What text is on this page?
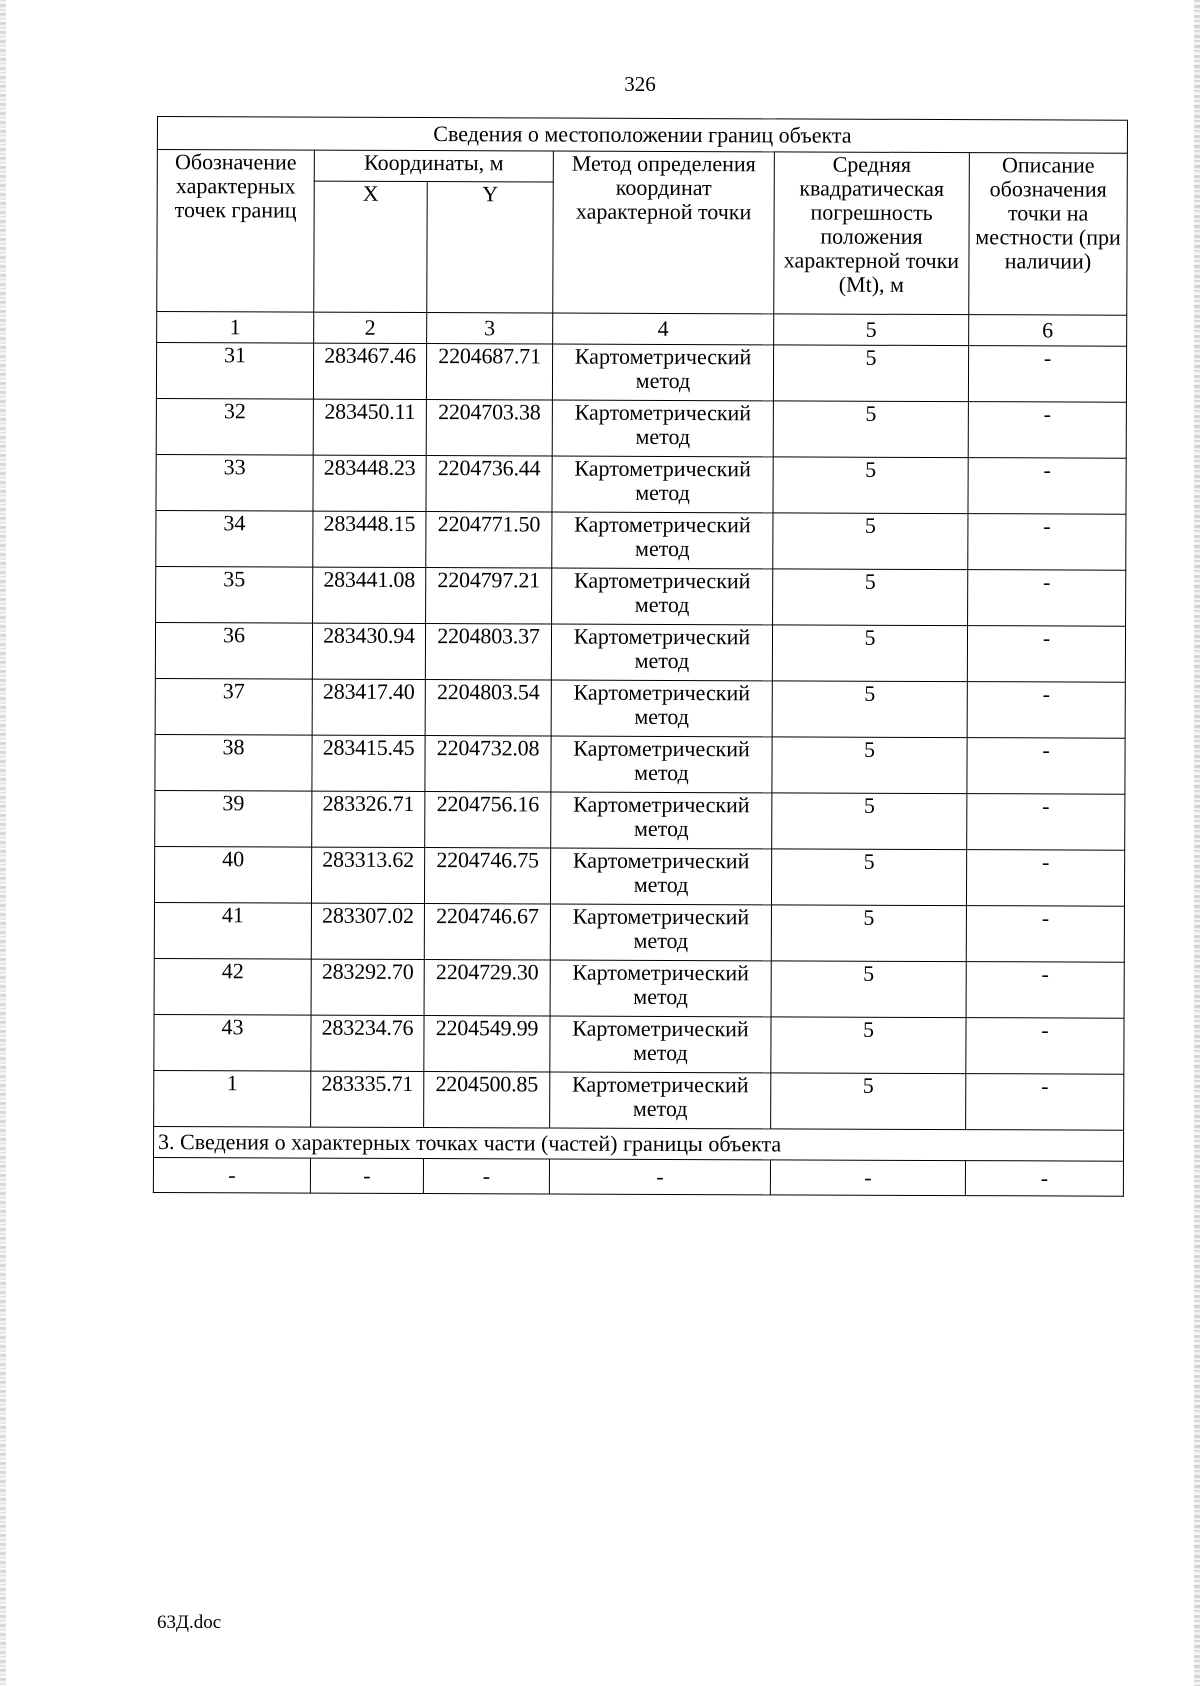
326
Сведения о местоположении границ объекта					
Обозначение характерных точек границ	Координаты, м		Метод определения координат характерной точки	Средняя квадратическая погрешность положения характерной точки (Mt), м	Описание обозначения точки на местности (при наличии)
	X	Y			
1	2	3	4	5	6
31	283467.46	2204687.71	Картометрический метод	5	-
32	283450.11	2204703.38	Картометрический метод	5	-
33	283448.23	2204736.44	Картометрический метод	5	-
34	283448.15	2204771.50	Картометрический метод	5	-
35	283441.08	2204797.21	Картометрический метод	5	-
36	283430.94	2204803.37	Картометрический метод	5	-
37	283417.40	2204803.54	Картометрический метод	5	-
38	283415.45	2204732.08	Картометрический метод	5	-
39	283326.71	2204756.16	Картометрический метод	5	-
40	283313.62	2204746.75	Картометрический метод	5	-
41	283307.02	2204746.67	Картометрический метод	5	-
42	283292.70	2204729.30	Картометрический метод	5	-
43	283234.76	2204549.99	Картометрический метод	5	-
1	283335.71	2204500.85	Картометрический метод	5	-
3. Сведения о характерных точках части (частей) границы объекта					
-	-	-	-	-	-
63Д.doc
